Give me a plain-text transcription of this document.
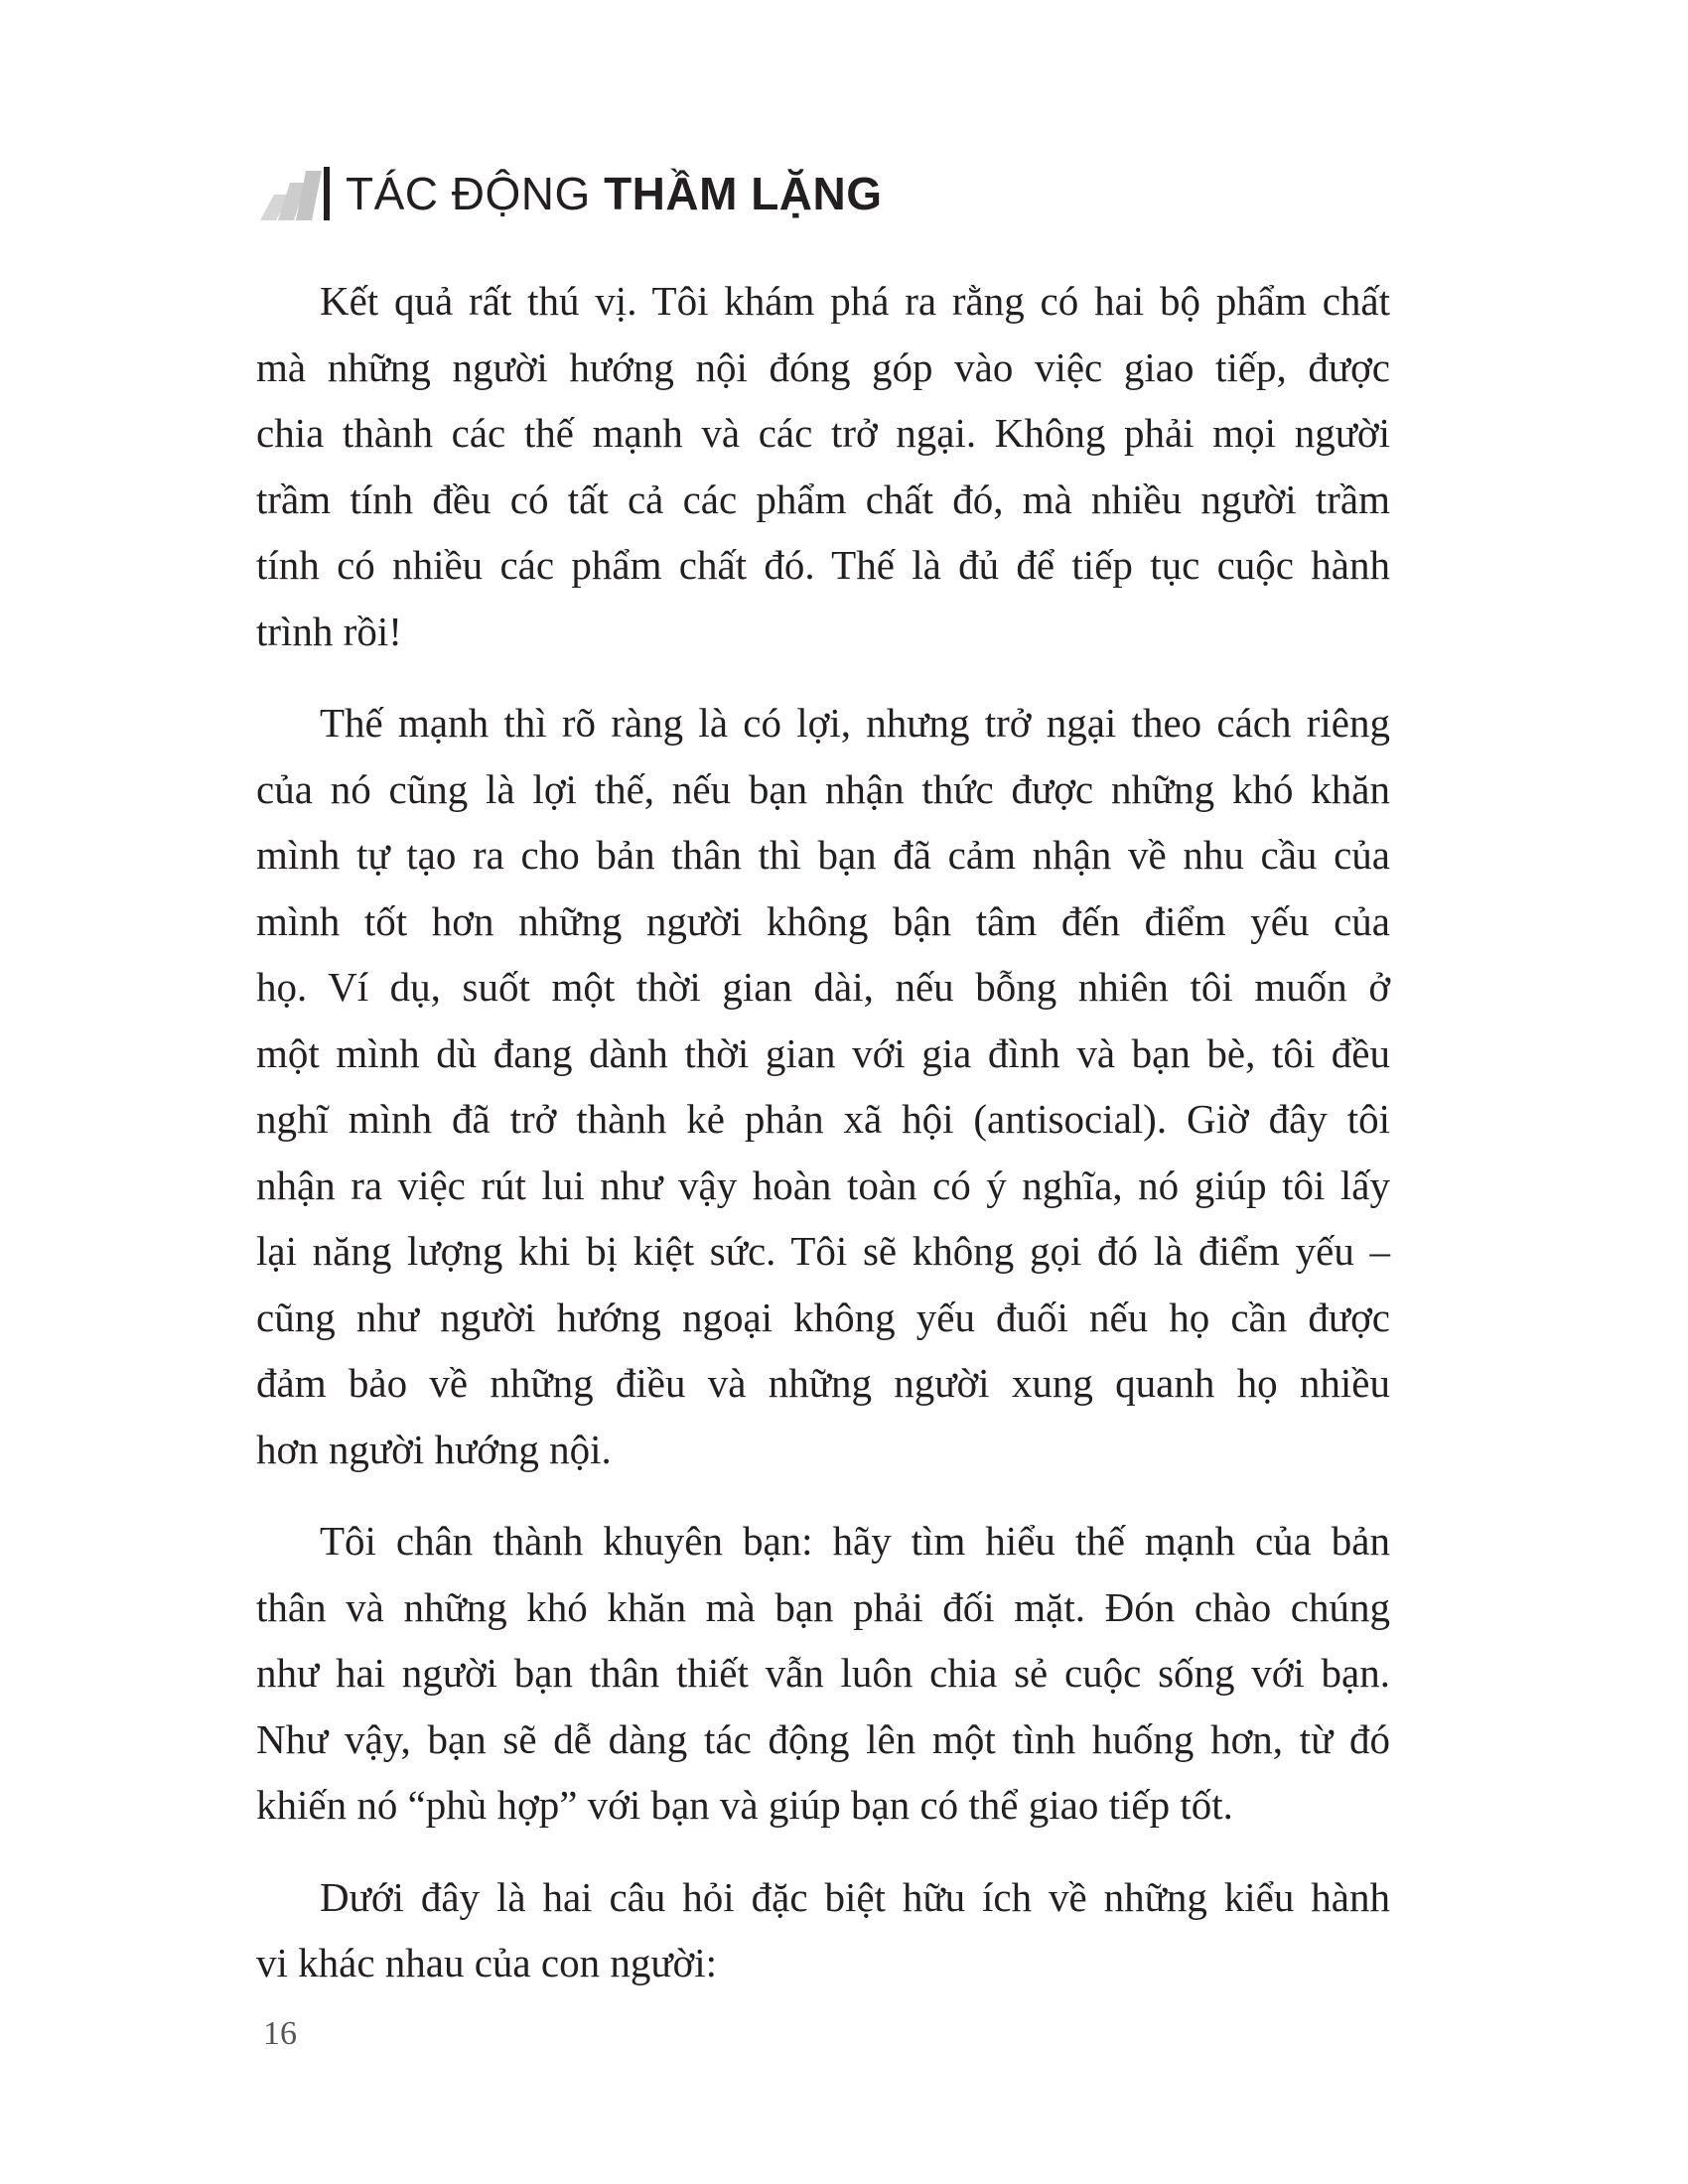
TÁC ĐỘNG THẦM LẶNG
Kết quả rất thú vị. Tôi khám phá ra rằng có hai bộ phẩm chất
mà những người hướng nội đóng góp vào việc giao tiếp, được
chia thành các thế mạnh và các trở ngại. Không phải mọi người
trầm tính đều có tất cả các phẩm chất đó, mà nhiều người trầm
tính có nhiều các phẩm chất đó. Thế là đủ để tiếp tục cuộc hành
trình rồi!
Thế mạnh thì rõ ràng là có lợi, nhưng trở ngại theo cách riêng
của nó cũng là lợi thế, nếu bạn nhận thức được những khó khăn
mình tự tạo ra cho bản thân thì bạn đã cảm nhận về nhu cầu của
mình tốt hơn những người không bận tâm đến điểm yếu của
họ. Ví dụ, suốt một thời gian dài, nếu bỗng nhiên tôi muốn ở
một mình dù đang dành thời gian với gia đình và bạn bè, tôi đều
nghĩ mình đã trở thành kẻ phản xã hội (antisocial). Giờ đây tôi
nhận ra việc rút lui như vậy hoàn toàn có ý nghĩa, nó giúp tôi lấy
lại năng lượng khi bị kiệt sức. Tôi sẽ không gọi đó là điểm yếu –
cũng như người hướng ngoại không yếu đuối nếu họ cần được
đảm bảo về những điều và những người xung quanh họ nhiều
hơn người hướng nội.
Tôi chân thành khuyên bạn: hãy tìm hiểu thế mạnh của bản
thân và những khó khăn mà bạn phải đối mặt. Đón chào chúng
như hai người bạn thân thiết vẫn luôn chia sẻ cuộc sống với bạn.
Như vậy, bạn sẽ dễ dàng tác động lên một tình huống hơn, từ đó
khiến nó “phù hợp” với bạn và giúp bạn có thể giao tiếp tốt.
Dưới đây là hai câu hỏi đặc biệt hữu ích về những kiểu hành
vi khác nhau của con người:
16
